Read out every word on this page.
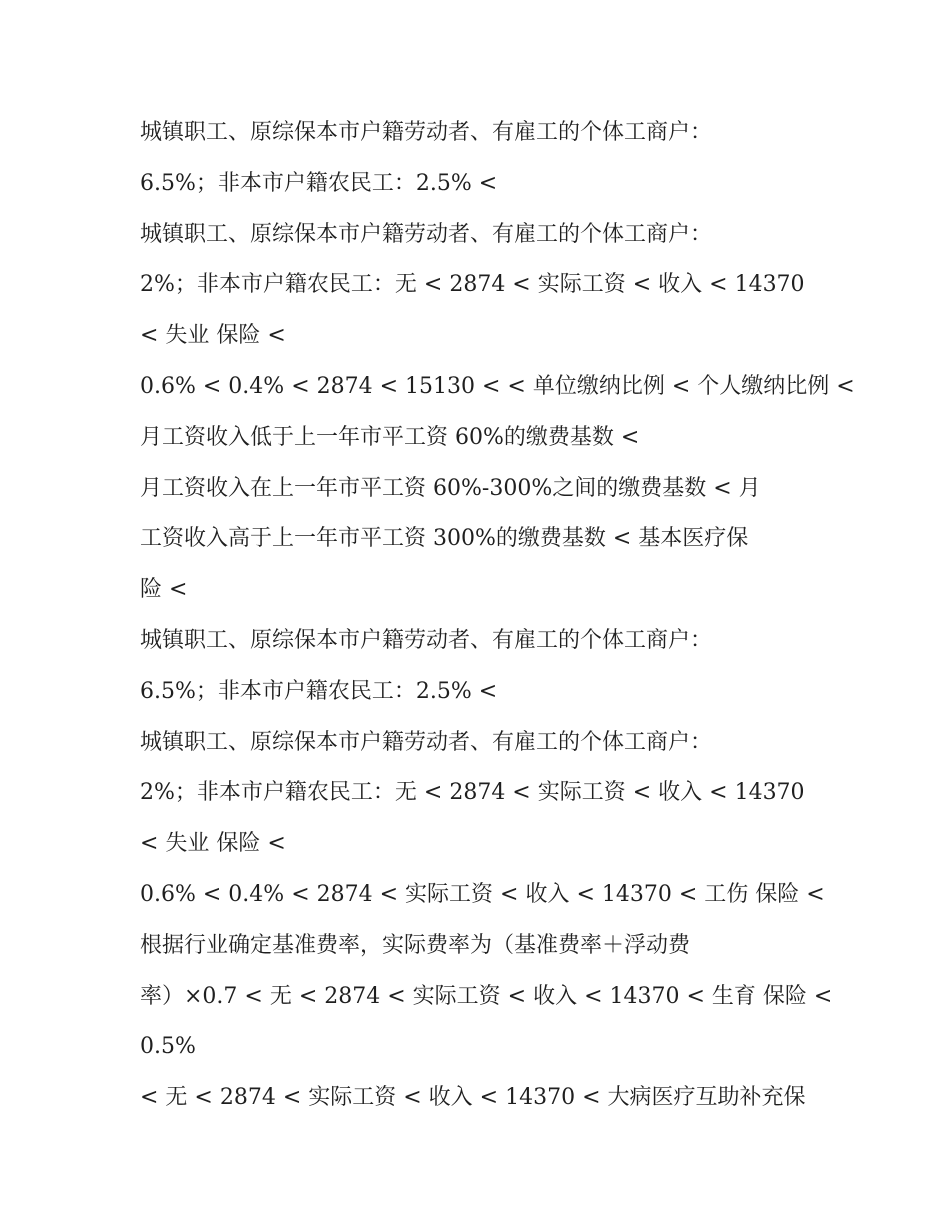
城镇职工、原综保本市户籍劳动者、有雇工的个体工商户：
6.5%；非本市户籍农民工：2.5% <
城镇职工、原综保本市户籍劳动者、有雇工的个体工商户：
2%；非本市户籍农民工：无 < 2874 < 实际工资 < 收入 < 14370
< 失业 保险 <
0.6% < 0.4% < 2874 < 15130 < < 单位缴纳比例 < 个人缴纳比例 <
月工资收入低于上一年市平工资 60%的缴费基数 <
月工资收入在上一年市平工资 60%-300%之间的缴费基数 < 月
工资收入高于上一年市平工资 300%的缴费基数 < 基本医疗保
险 <
城镇职工、原综保本市户籍劳动者、有雇工的个体工商户：
6.5%；非本市户籍农民工：2.5% <
城镇职工、原综保本市户籍劳动者、有雇工的个体工商户：
2%；非本市户籍农民工：无 < 2874 < 实际工资 < 收入 < 14370
< 失业 保险 <
0.6% < 0.4% < 2874 < 实际工资 < 收入 < 14370 < 工伤 保险 <
根据行业确定基准费率，实际费率为（基准费率＋浮动费
率）×0.7 < 无 < 2874 < 实际工资 < 收入 < 14370 < 生育 保险 <
0.5%
< 无 < 2874 < 实际工资 < 收入 < 14370 < 大病医疗互助补充保
